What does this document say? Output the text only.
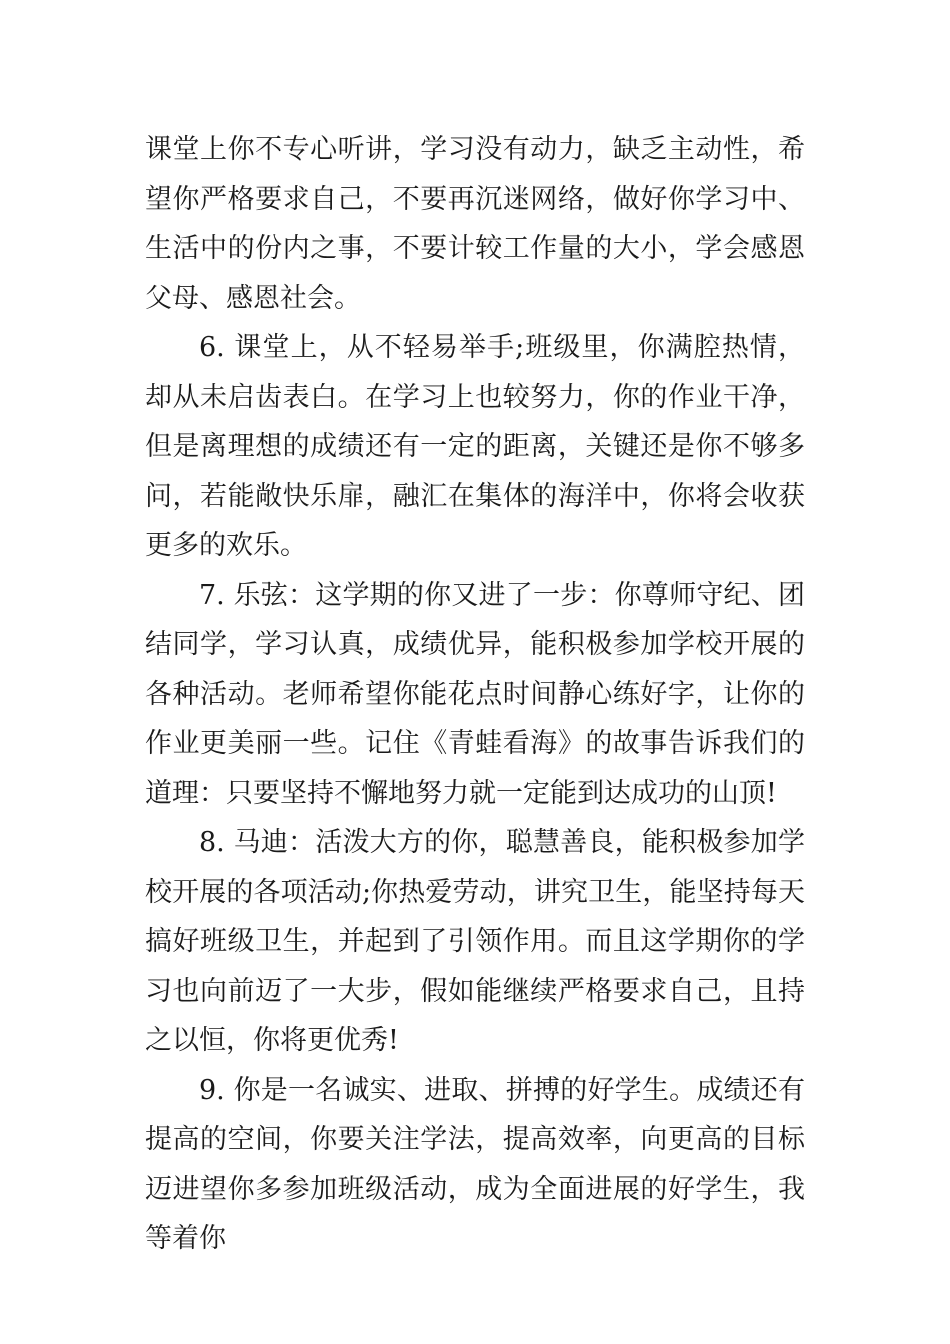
课堂上你不专心听讲，学习没有动力，缺乏主动性，希望你严格要求自己，不要再沉迷网络，做好你学习中、生活中的份内之事，不要计较工作量的大小，学会感恩父母、感恩社会。

6. 课堂上，从不轻易举手;班级里，你满腔热情，却从未启齿表白。在学习上也较努力，你的作业干净，但是离理想的成绩还有一定的距离，关键还是你不够多问，若能敞快乐扉，融汇在集体的海洋中，你将会收获更多的欢乐。

7. 乐弦：这学期的你又进了一步：你尊师守纪、团结同学，学习认真，成绩优异，能积极参加学校开展的各种活动。老师希望你能花点时间静心练好字，让你的作业更美丽一些。记住《青蛙看海》的故事告诉我们的道理：只要坚持不懈地努力就一定能到达成功的山顶!

8. 马迪：活泼大方的你，聪慧善良，能积极参加学校开展的各项活动;你热爱劳动，讲究卫生，能坚持每天搞好班级卫生，并起到了引领作用。而且这学期你的学习也向前迈了一大步，假如能继续严格要求自己，且持之以恒，你将更优秀!

9. 你是一名诚实、进取、拼搏的好学生。成绩还有提高的空间，你要关注学法，提高效率，向更高的目标迈进望你多参加班级活动，成为全面进展的好学生，我等着你
